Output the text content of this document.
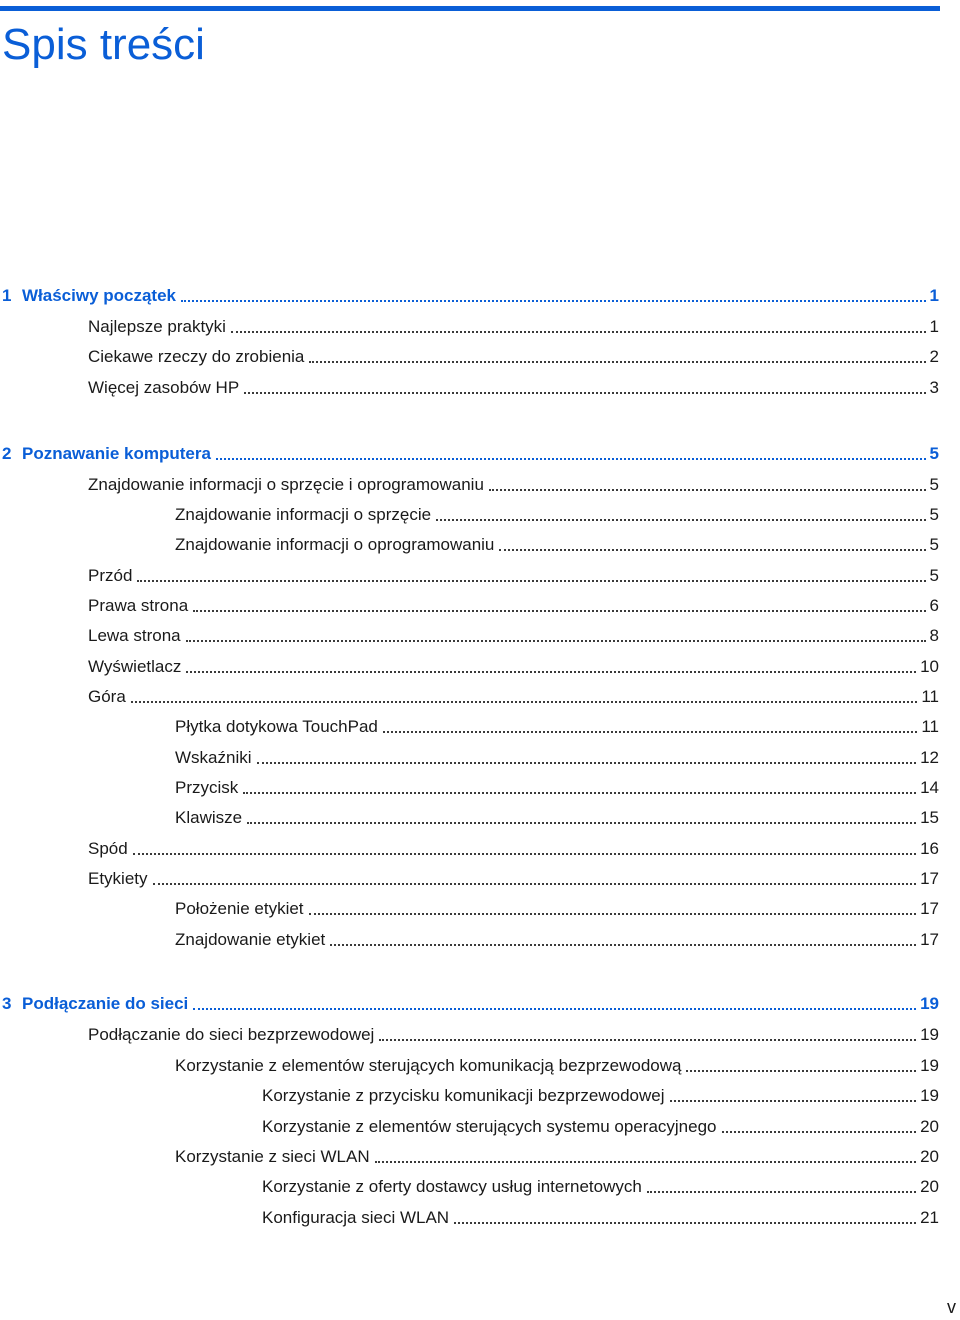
Spis treści
1 Właściwy początek	1
Najlepsze praktyki	1
Ciekawe rzeczy do zrobienia	2
Więcej zasobów HP	3
2 Poznawanie komputera	5
Znajdowanie informacji o sprzęcie i oprogramowaniu	5
Znajdowanie informacji o sprzęcie	5
Znajdowanie informacji o oprogramowaniu	5
Przód	5
Prawa strona	6
Lewa strona	8
Wyświetlacz	10
Góra	11
Płytka dotykowa TouchPad	11
Wskaźniki	12
Przycisk	14
Klawisze	15
Spód	16
Etykiety	17
Położenie etykiet	17
Znajdowanie etykiet	17
3 Podłączanie do sieci	19
Podłączanie do sieci bezprzewodowej	19
Korzystanie z elementów sterujących komunikacją bezprzewodową	19
Korzystanie z przycisku komunikacji bezprzewodowej	19
Korzystanie z elementów sterujących systemu operacyjnego	20
Korzystanie z sieci WLAN	20
Korzystanie z oferty dostawcy usług internetowych	20
Konfiguracja sieci WLAN	21
v
